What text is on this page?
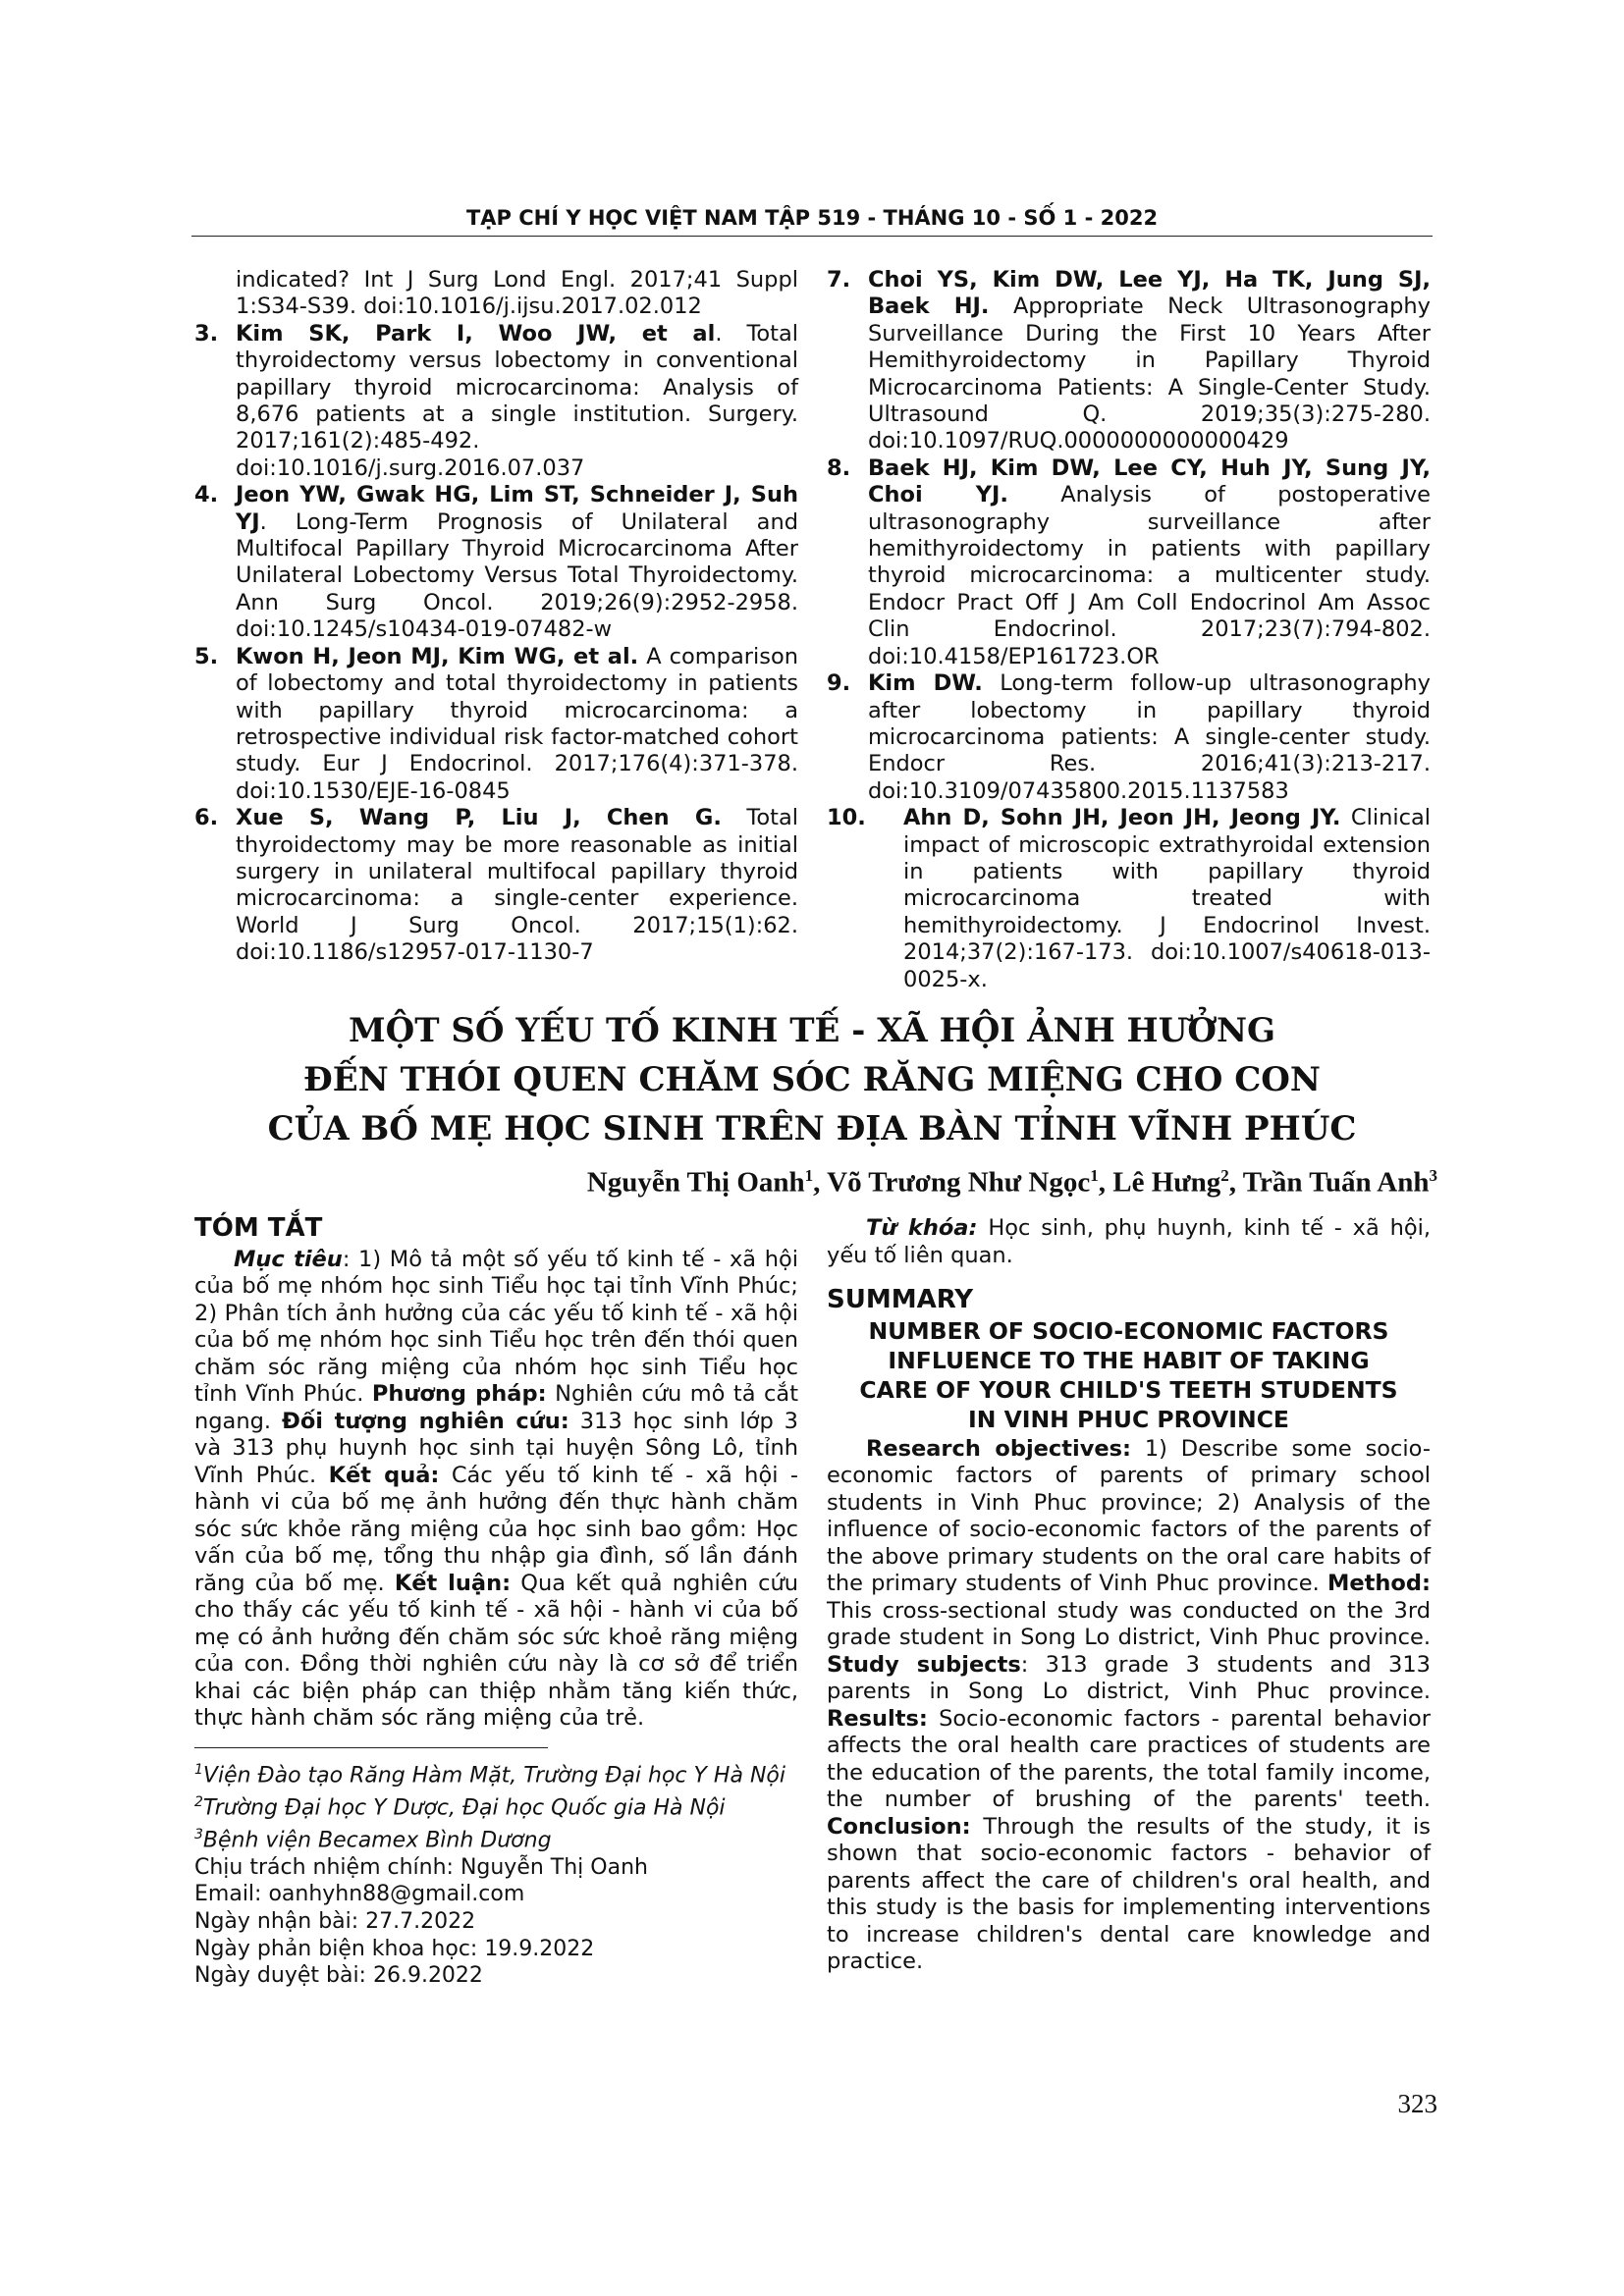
TẠP CHÍ Y HỌC VIỆT NAM TẬP 519 - THÁNG 10 - SỐ 1 - 2022
indicated? Int J Surg Lond Engl. 2017;41 Suppl 1:S34-S39. doi:10.1016/j.ijsu.2017.02.012
3. Kim SK, Park I, Woo JW, et al. Total thyroidectomy versus lobectomy in conventional papillary thyroid microcarcinoma: Analysis of 8,676 patients at a single institution. Surgery. 2017;161(2):485-492. doi:10.1016/j.surg.2016.07.037
4. Jeon YW, Gwak HG, Lim ST, Schneider J, Suh YJ. Long-Term Prognosis of Unilateral and Multifocal Papillary Thyroid Microcarcinoma After Unilateral Lobectomy Versus Total Thyroidectomy. Ann Surg Oncol. 2019;26(9):2952-2958. doi:10.1245/s10434-019-07482-w
5. Kwon H, Jeon MJ, Kim WG, et al. A comparison of lobectomy and total thyroidectomy in patients with papillary thyroid microcarcinoma: a retrospective individual risk factor-matched cohort study. Eur J Endocrinol. 2017;176(4):371-378. doi:10.1530/EJE-16-0845
6. Xue S, Wang P, Liu J, Chen G. Total thyroidectomy may be more reasonable as initial surgery in unilateral multifocal papillary thyroid microcarcinoma: a single-center experience. World J Surg Oncol. 2017;15(1):62. doi:10.1186/s12957-017-1130-7
7. Choi YS, Kim DW, Lee YJ, Ha TK, Jung SJ, Baek HJ. Appropriate Neck Ultrasonography Surveillance During the First 10 Years After Hemithyroidectomy in Papillary Thyroid Microcarcinoma Patients: A Single-Center Study. Ultrasound Q. 2019;35(3):275-280. doi:10.1097/RUQ.0000000000000429
8. Baek HJ, Kim DW, Lee CY, Huh JY, Sung JY, Choi YJ. Analysis of postoperative ultrasonography surveillance after hemithyroidectomy in patients with papillary thyroid microcarcinoma: a multicenter study. Endocr Pract Off J Am Coll Endocrinol Am Assoc Clin Endocrinol. 2017;23(7):794-802. doi:10.4158/EP161723.OR
9. Kim DW. Long-term follow-up ultrasonography after lobectomy in papillary thyroid microcarcinoma patients: A single-center study. Endocr Res. 2016;41(3):213-217. doi:10.3109/07435800.2015.1137583
10. Ahn D, Sohn JH, Jeon JH, Jeong JY. Clinical impact of microscopic extrathyroidal extension in patients with papillary thyroid microcarcinoma treated with hemithyroidectomy. J Endocrinol Invest. 2014;37(2):167-173. doi:10.1007/s40618-013-0025-x.
MỘT SỐ YẾU TỐ KINH TẾ - XÃ HỘI ẢNH HƯỞNG
ĐẾN THÓI QUEN CHĂM SÓC RĂNG MIỆNG CHO CON
CỦA BỐ MẸ HỌC SINH TRÊN ĐỊA BÀN TỈNH VĨNH PHÚC
Nguyễn Thị Oanh$^1$, Võ Trương Như Ngọc$^1$, Lê Hưng$^2$, Trần Tuấn Anh$^3$
TÓM TẮT

Mục tiêu: 1) Mô tả một số yếu tố kinh tế - xã hội của bố mẹ nhóm học sinh Tiểu học tại tỉnh Vĩnh Phúc; 2) Phân tích ảnh hưởng của các yếu tố kinh tế - xã hội của bố mẹ nhóm học sinh Tiểu học trên đến thói quen chăm sóc răng miệng của nhóm học sinh Tiểu học tỉnh Vĩnh Phúc. Phương pháp: Nghiên cứu mô tả cắt ngang. Đối tượng nghiên cứu: 313 học sinh lớp 3 và 313 phụ huynh học sinh tại huyện Sông Lô, tỉnh Vĩnh Phúc. Kết quả: Các yếu tố kinh tế - xã hội - hành vi của bố mẹ ảnh hưởng đến thực hành chăm sóc sức khỏe răng miệng của học sinh bao gồm: Học vấn của bố mẹ, tổng thu nhập gia đình, số lần đánh răng của bố mẹ. Kết luận: Qua kết quả nghiên cứu cho thấy các yếu tố kinh tế - xã hội - hành vi của bố mẹ có ảnh hưởng đến chăm sóc sức khoẻ răng miệng của con. Đồng thời nghiên cứu này là cơ sở để triển khai các biện pháp can thiệp nhằm tăng kiến thức, thực hành chăm sóc răng miệng của trẻ.

Từ khóa: Học sinh, phụ huynh, kinh tế - xã hội, yếu tố liên quan.

SUMMARY
NUMBER OF SOCIO-ECONOMIC FACTORS
INFLUENCE TO THE HABIT OF TAKING
CARE OF YOUR CHILD'S TEETH STUDENTS
IN VINH PHUC PROVINCE

Research objectives: 1) Describe some socio-economic factors of parents of primary school students in Vinh Phuc province; 2) Analysis of the influence of socio-economic factors of the parents of the above primary students on the oral care habits of the primary students of Vinh Phuc province. Method: This cross-sectional study was conducted on the 3rd grade student in Song Lo district, Vinh Phuc province. Study subjects: 313 grade 3 students and 313 parents in Song Lo district, Vinh Phuc province. Results: Socio-economic factors - parental behavior affects the oral health care practices of students are the education of the parents, the total family income, the number of brushing of the parents' teeth. Conclusion: Through the results of the study, it is shown that socio-economic factors - behavior of parents affect the care of children's oral health, and this study is the basis for implementing interventions to increase children's dental care knowledge and practice.

$^1$Viện Đào tạo Răng Hàm Mặt, Trường Đại học Y Hà Nội
$^2$Trường Đại học Y Dược, Đại học Quốc gia Hà Nội
$^3$Bệnh viện Becamex Bình Dương
Chịu trách nhiệm chính: Nguyễn Thị Oanh
Email: oanhyhn88@gmail.com
Ngày nhận bài: 27.7.2022
Ngày phản biện khoa học: 19.9.2022
Ngày duyệt bài: 26.9.2022
323
